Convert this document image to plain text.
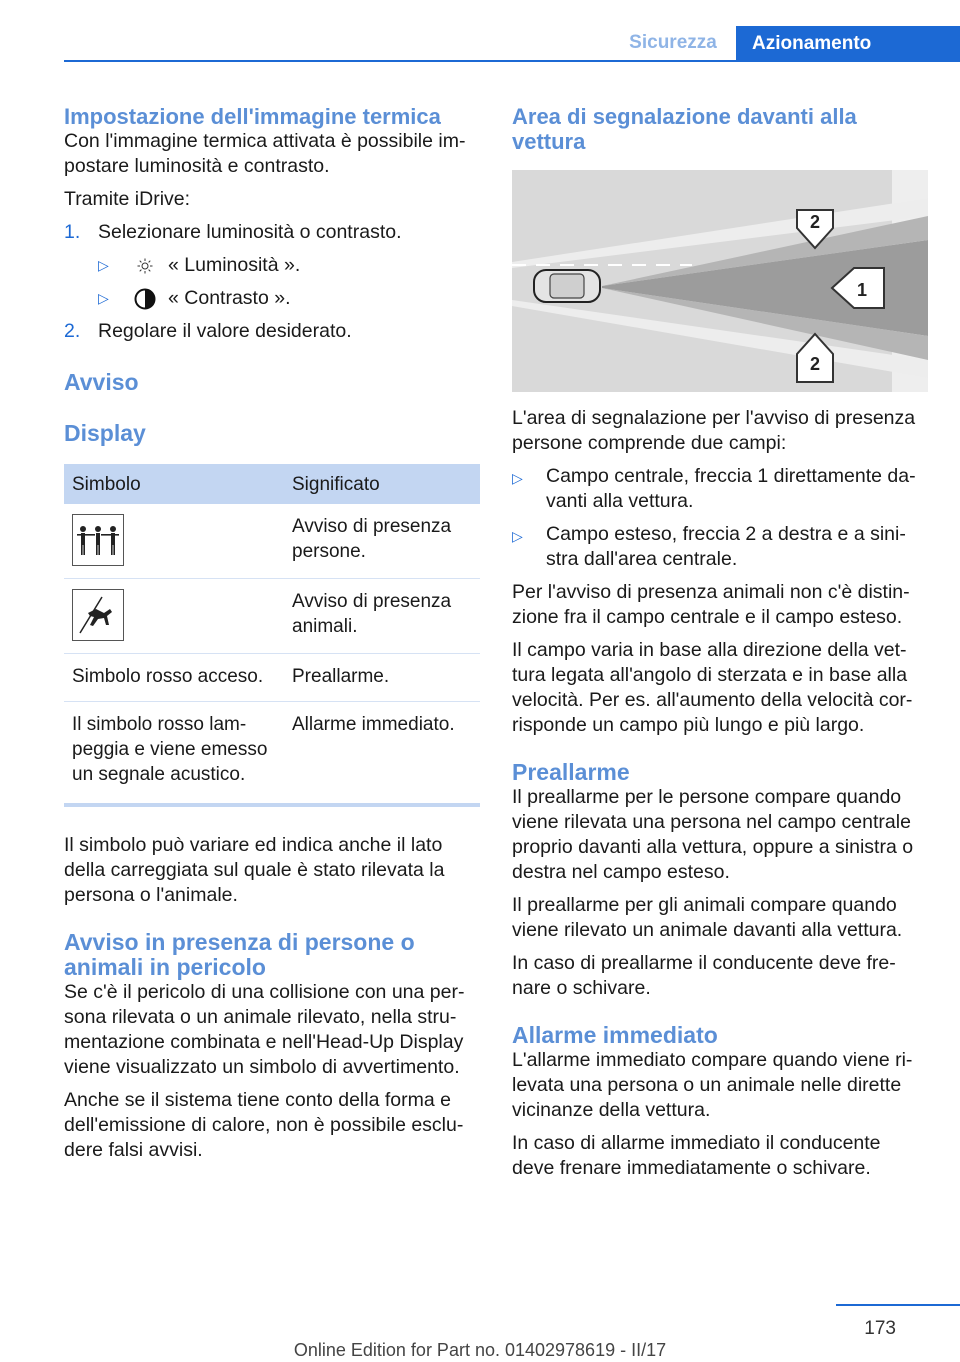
Sicurezza	Azionamento
Impostazione dell'immagine termica

Con l'immagine termica attivata è possibile im‐postare luminosità e contrasto.

Tramite iDrive:

1. Selezionare luminosità o contrasto.
▷	« Luminosità ».
▷	« Contrasto ».
2. Regolare il valore desiderato.
Avviso
Display
Simbolo	Significato

	Avviso di presenza persone.

	Avviso di presenza animali.
Simbolo rosso acceso.	Preallarme.
Il simbolo rosso lam‐peggia e viene emesso un segnale acustico.	Allarme immediato.

Il simbolo può variare ed indica anche il lato della carreggiata sul quale è stato rilevata la persona o l'animale.

Avviso in presenza di persone o animali in pericolo

Se c'è il pericolo di una collisione con una per‐sona rilevata o un animale rilevato, nella stru‐mentazione combinata e nell'Head-Up Display viene visualizzato un simbolo di avvertimento.

Anche se il sistema tiene conto della forma e dell'emissione di calore, non è possibile esclu‐dere falsi avvisi.

Area di segnalazione davanti alla vettura
2
1
2

L'area di segnalazione per l'avviso di presenza persone comprende due campi:

▷	Campo centrale, freccia 1 direttamente da‐vanti alla vettura.
▷	Campo esteso, freccia 2 a destra e a sini‐stra dall'area centrale.

Per l'avviso di presenza animali non c'è distin‐zione fra il campo centrale e il campo esteso.

Il campo varia in base alla direzione della vet‐tura legata all'angolo di sterzata e in base alla velocità. Per es. all'aumento della velocità cor‐risponde un campo più lungo e più largo.

Preallarme

Il preallarme per le persone compare quando viene rilevata una persona nel campo centrale proprio davanti alla vettura, oppure a sinistra o destra nel campo esteso.

Il preallarme per gli animali compare quando viene rilevato un animale davanti alla vettura.

In caso di preallarme il conducente deve fre‐nare o schivare.

Allarme immediato

L'allarme immediato compare quando viene ri‐levata una persona o un animale nelle dirette vicinanze della vettura.

In caso di allarme immediato il conducente deve frenare immediatamente o schivare.

173
Online Edition for Part no. 01402978619 - II/17
